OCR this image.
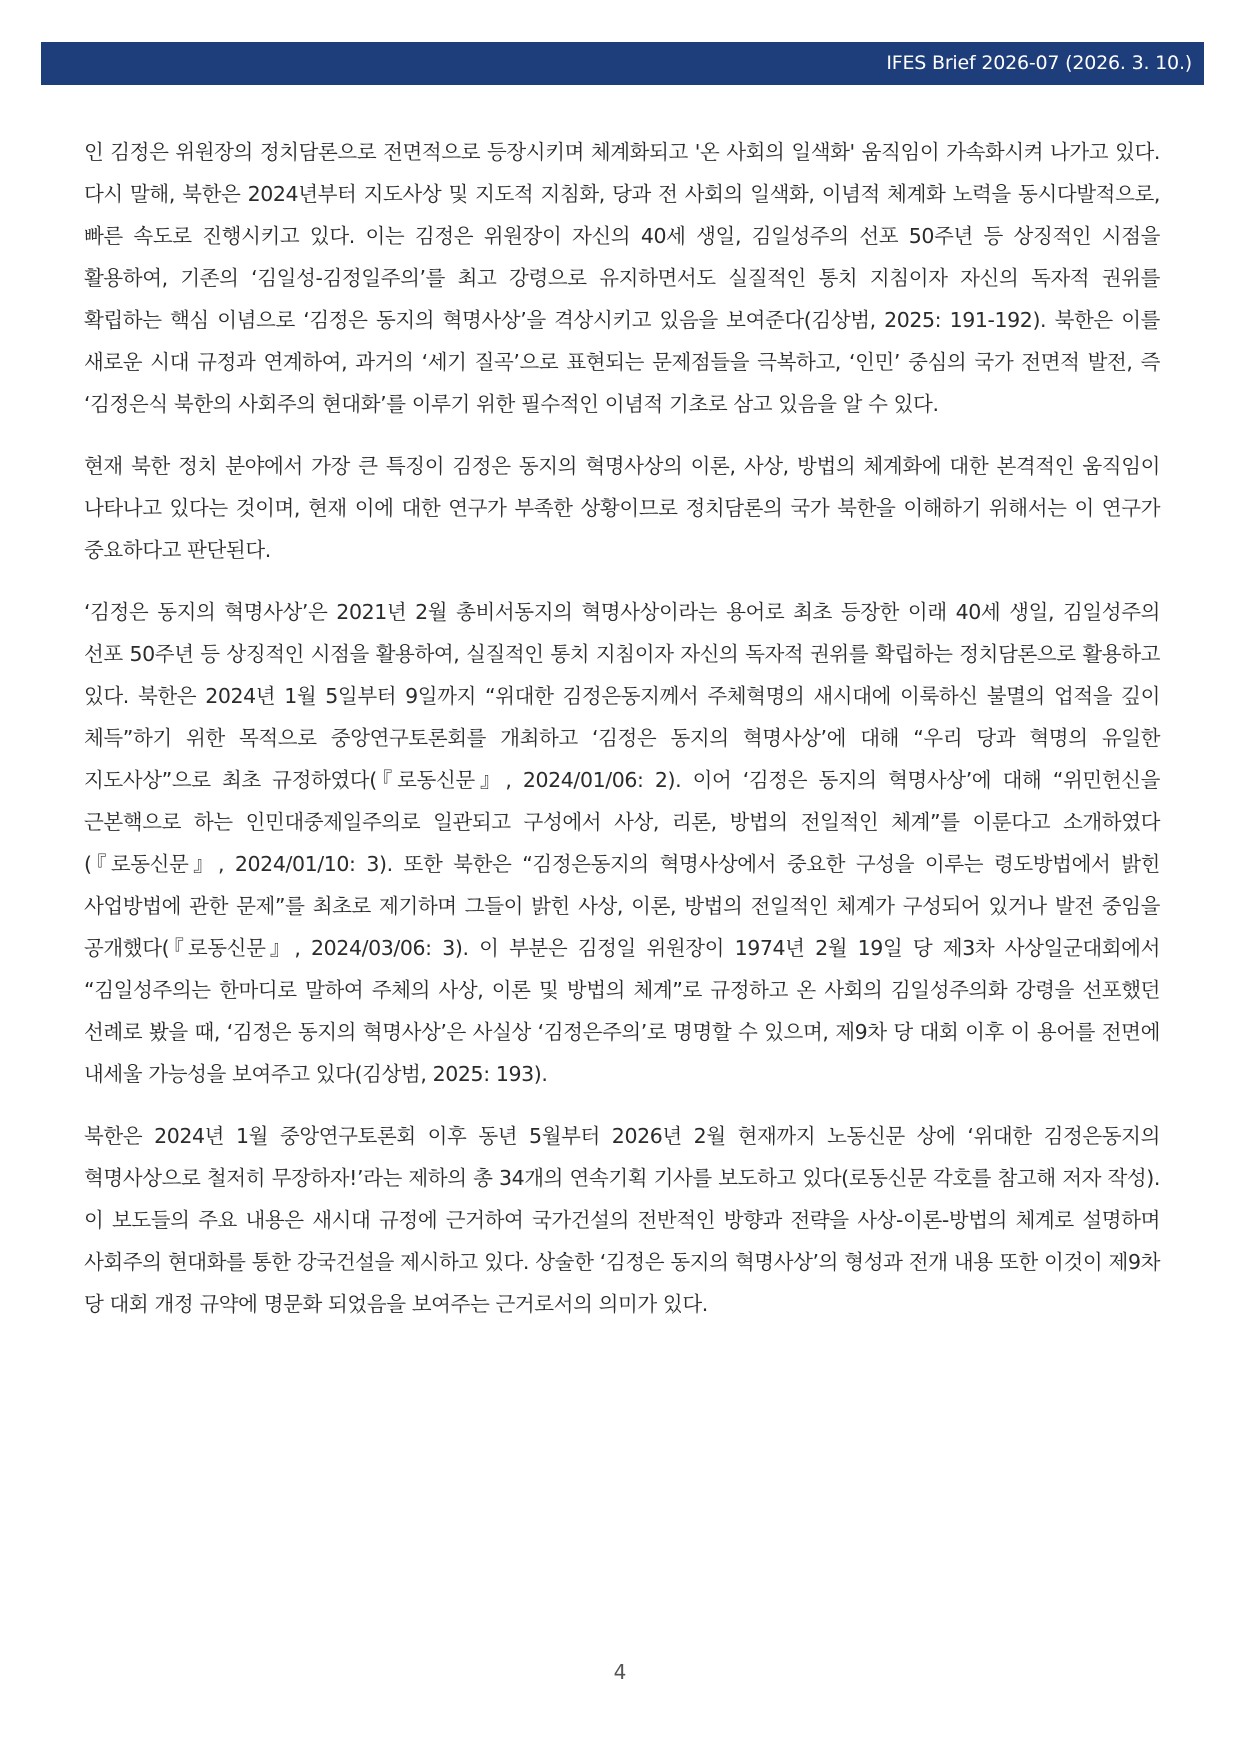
IFES Brief 2026-07 (2026. 3. 10.)

인 김정은 위원장의 정치담론으로 전면적으로 등장시키며 체계화되고 '온 사회의 일색화' 움직임이 가속화시켜 나가고 있다. 다시 말해, 북한은 2024년부터 지도사상 및 지도적 지침화, 당과 전 사회의 일색화, 이념적 체계화 노력을 동시다발적으로, 빠른 속도로 진행시키고 있다. 이는 김정은 위원장이 자신의 40세 생일, 김일성주의 선포 50주년 등 상징적인 시점을 활용하여, 기존의 ‘김일성-김정일주의’를 최고 강령으로 유지하면서도 실질적인 통치 지침이자 자신의 독자적 권위를 확립하는 핵심 이념으로 ‘김정은 동지의 혁명사상’을 격상시키고 있음을 보여준다(김상범, 2025: 191-192). 북한은 이를 새로운 시대 규정과 연계하여, 과거의 ‘세기 질곡’으로 표현되는 문제점들을 극복하고, ‘인민’ 중심의 국가 전면적 발전, 즉 ‘김정은식 북한의 사회주의 현대화’를 이루기 위한 필수적인 이념적 기초로 삼고 있음을 알 수 있다.

현재 북한 정치 분야에서 가장 큰 특징이 김정은 동지의 혁명사상의 이론, 사상, 방법의 체계화에 대한 본격적인 움직임이 나타나고 있다는 것이며, 현재 이에 대한 연구가 부족한 상황이므로 정치담론의 국가 북한을 이해하기 위해서는 이 연구가 중요하다고 판단된다.

‘김정은 동지의 혁명사상’은 2021년 2월 총비서동지의 혁명사상이라는 용어로 최초 등장한 이래 40세 생일, 김일성주의 선포 50주년 등 상징적인 시점을 활용하여, 실질적인 통치 지침이자 자신의 독자적 권위를 확립하는 정치담론으로 활용하고 있다. 북한은 2024년 1월 5일부터 9일까지 “위대한 김정은동지께서 주체혁명의 새시대에 이룩하신 불멸의 업적을 깊이 체득”하기 위한 목적으로 중앙연구토론회를 개최하고 ‘김정은 동지의 혁명사상’에 대해 “우리 당과 혁명의 유일한 지도사상”으로 최초 규정하였다(『로동신문』, 2024/01/06: 2). 이어 ‘김정은 동지의 혁명사상’에 대해 “위민헌신을 근본핵으로 하는 인민대중제일주의로 일관되고 구성에서 사상, 리론, 방법의 전일적인 체계”를 이룬다고 소개하였다(『로동신문』, 2024/01/10: 3). 또한 북한은 “김정은동지의 혁명사상에서 중요한 구성을 이루는 령도방법에서 밝힌 사업방법에 관한 문제”를 최초로 제기하며 그들이 밝힌 사상, 이론, 방법의 전일적인 체계가 구성되어 있거나 발전 중임을 공개했다(『로동신문』, 2024/03/06: 3). 이 부분은 김정일 위원장이 1974년 2월 19일 당 제3차 사상일군대회에서 “김일성주의는 한마디로 말하여 주체의 사상, 이론 및 방법의 체계”로 규정하고 온 사회의 김일성주의화 강령을 선포했던 선례로 봤을 때, ‘김정은 동지의 혁명사상’은 사실상 ‘김정은주의’로 명명할 수 있으며, 제9차 당 대회 이후 이 용어를 전면에 내세울 가능성을 보여주고 있다(김상범, 2025: 193).

북한은 2024년 1월 중앙연구토론회 이후 동년 5월부터 2026년 2월 현재까지 노동신문 상에 ‘위대한 김정은동지의 혁명사상으로 철저히 무장하자!’라는 제하의 총 34개의 연속기획 기사를 보도하고 있다(로동신문 각호를 참고해 저자 작성). 이 보도들의 주요 내용은 새시대 규정에 근거하여 국가건설의 전반적인 방향과 전략을 사상-이론-방법의 체계로 설명하며 사회주의 현대화를 통한 강국건설을 제시하고 있다. 상술한 ‘김정은 동지의 혁명사상’의 형성과 전개 내용 또한 이것이 제9차 당 대회 개정 규약에 명문화 되었음을 보여주는 근거로서의 의미가 있다.

4
